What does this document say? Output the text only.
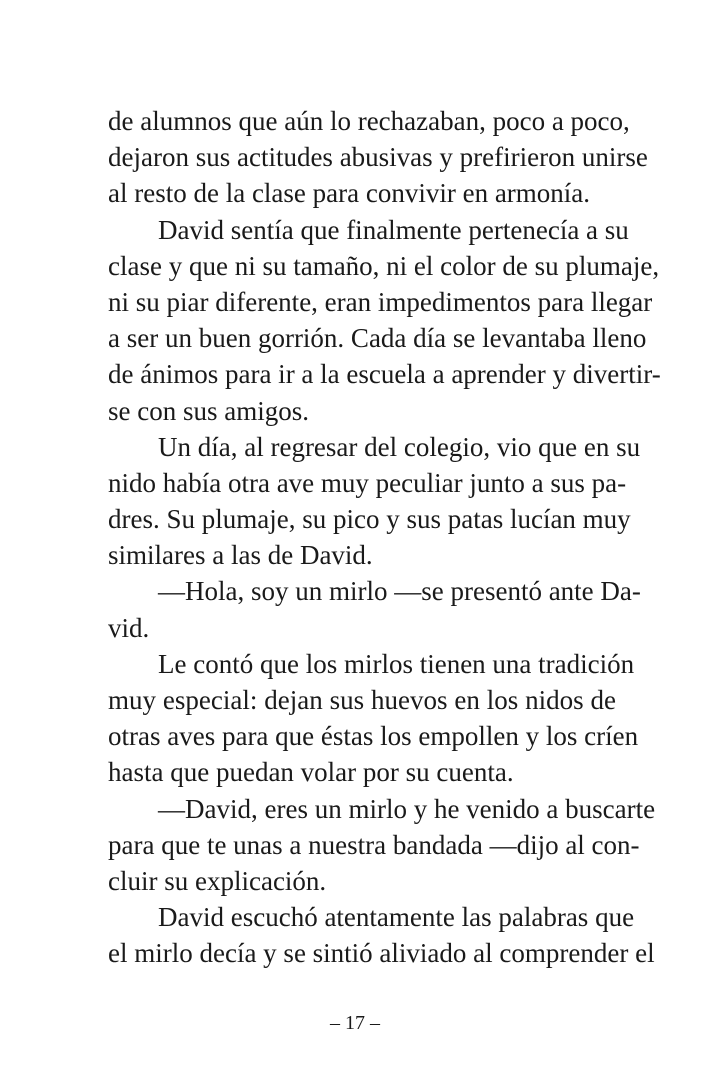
de alumnos que aún lo rechazaban, poco a poco,
dejaron sus actitudes abusivas y prefirieron unirse
al resto de la clase para convivir en armonía.
David sentía que finalmente pertenecía a su
clase y que ni su tamaño, ni el color de su plumaje,
ni su piar diferente, eran impedimentos para llegar
a ser un buen gorrión. Cada día se levantaba lleno
de ánimos para ir a la escuela a aprender y divertir-
se con sus amigos.
Un día, al regresar del colegio, vio que en su
nido había otra ave muy peculiar junto a sus pa-
dres. Su plumaje, su pico y sus patas lucían muy
similares a las de David.
—Hola, soy un mirlo —se presentó ante Da-
vid.
Le contó que los mirlos tienen una tradición
muy especial: dejan sus huevos en los nidos de
otras aves para que éstas los empollen y los críen
hasta que puedan volar por su cuenta.
—David, eres un mirlo y he venido a buscarte
para que te unas a nuestra bandada —dijo al con-
cluir su explicación.
David escuchó atentamente las palabras que
el mirlo decía y se sintió aliviado al comprender el
– 17 –
